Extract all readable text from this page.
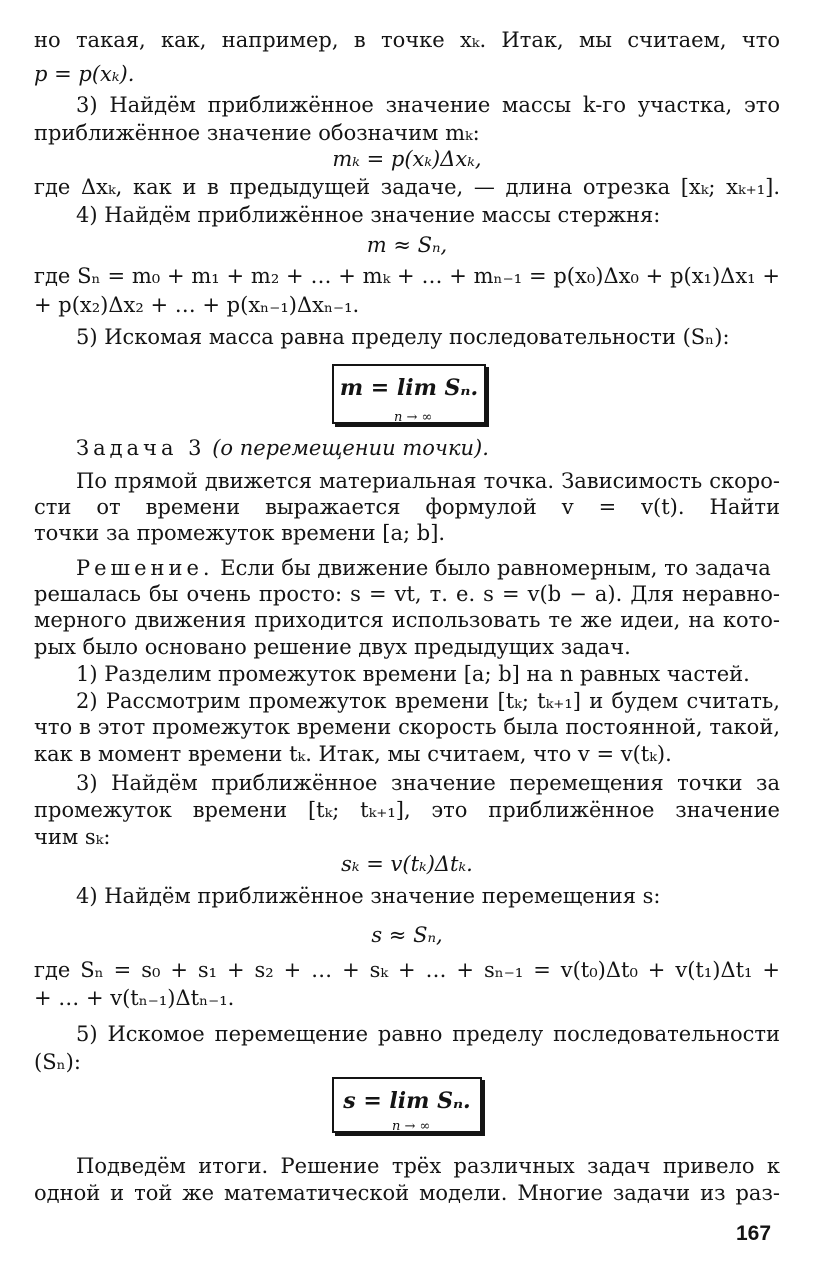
но такая, как, например, в точке xₖ. Итак, мы считаем, что
p = p(xₖ).
3) Найдём приближённое значение массы k-го участка, это
приближённое значение обозначим mₖ:
mₖ = p(xₖ)Δxₖ,
где Δxₖ, как и в предыдущей задаче, — длина отрезка [xₖ; xₖ₊₁].
4) Найдём приближённое значение массы стержня:
m ≈ Sₙ,
где Sₙ = m₀ + m₁ + m₂ + … + mₖ + … + mₙ₋₁ = p(x₀)Δx₀ + p(x₁)Δx₁ +
+ p(x₂)Δx₂ + … + p(xₙ₋₁)Δxₙ₋₁.
5) Искомая масса равна пределу последовательности (Sₙ):
m = lim Sₙ.
n → ∞
Задача 3 (о перемещении точки).
По прямой движется материальная точка. Зависимость скоро-
сти от времени выражается формулой v = v(t). Найти
точки за промежуток времени [a; b].
Решение. Если бы движение было равномерным, то задача
решалась бы очень просто: s = vt, т. е. s = v(b − a). Для неравно-
мерного движения приходится использовать те же идеи, на кото-
рых было основано решение двух предыдущих задач.
1) Разделим промежуток времени [a; b] на n равных частей.
2) Рассмотрим промежуток времени [tₖ; tₖ₊₁] и будем считать,
что в этот промежуток времени скорость была постоянной, такой,
как в момент времени tₖ. Итак, мы считаем, что v = v(tₖ).
3) Найдём приближённое значение перемещения точки за
промежуток времени [tₖ; tₖ₊₁], это приближённое значение
чим sₖ:
sₖ = v(tₖ)Δtₖ.
4) Найдём приближённое значение перемещения s:
s ≈ Sₙ,
где Sₙ = s₀ + s₁ + s₂ + … + sₖ + … + sₙ₋₁ = v(t₀)Δt₀ + v(t₁)Δt₁ +
+ … + v(tₙ₋₁)Δtₙ₋₁.
5) Искомое перемещение равно пределу последовательности
(Sₙ):
s = lim Sₙ.
n → ∞
Подведём итоги. Решение трёх различных задач привело к
одной и той же математической модели. Многие задачи из раз-
167
